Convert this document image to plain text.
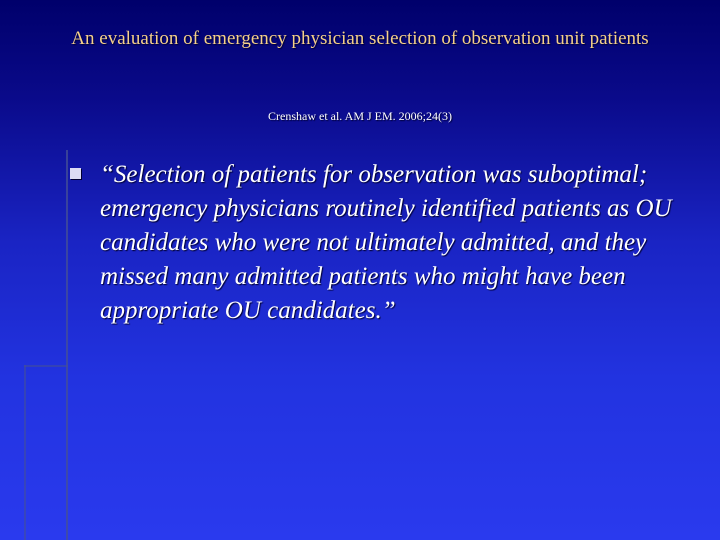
An evaluation of emergency physician selection of observation unit patients
Crenshaw et al. AM J EM. 2006;24(3)
“Selection of patients for observation was suboptimal; emergency physicians routinely identified patients as OU candidates who were not ultimately admitted, and they missed many admitted patients who might have been appropriate OU candidates.”
